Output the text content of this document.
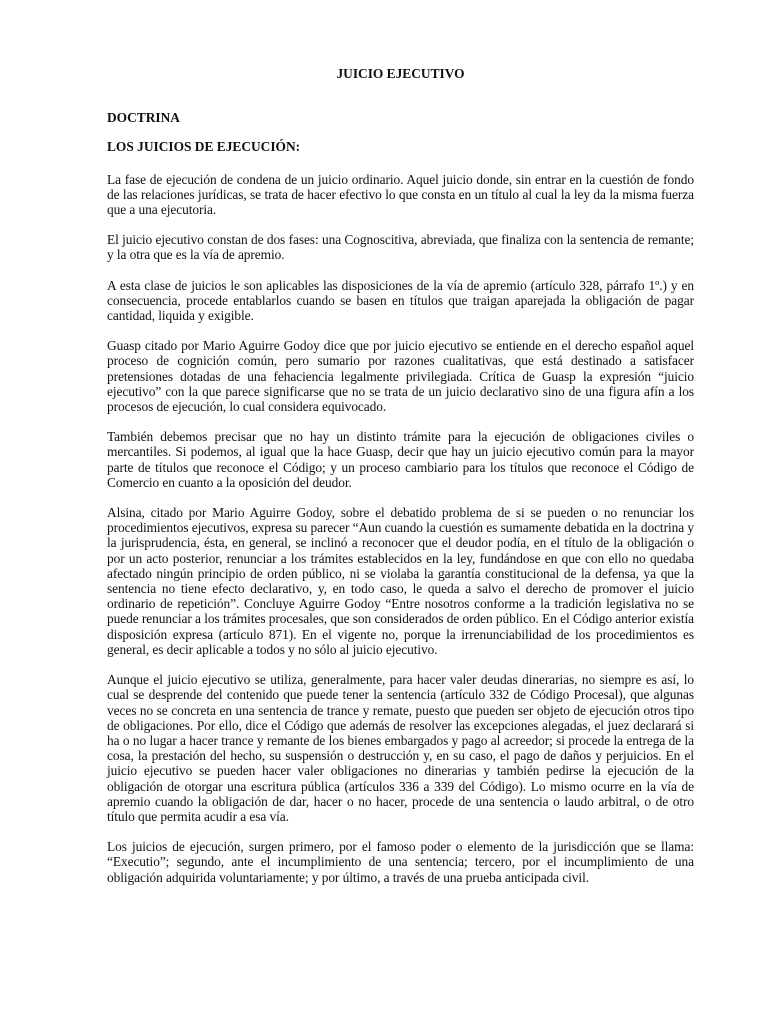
JUICIO EJECUTIVO
DOCTRINA
LOS JUICIOS DE EJECUCIÓN:

La fase de ejecución de condena de un juicio ordinario. Aquel juicio donde, sin entrar en la cuestión de fondo de las relaciones jurídicas, se trata de hacer efectivo lo que consta en un título al cual la ley da la misma fuerza que a una ejecutoria.

El juicio ejecutivo constan de dos fases: una Cognoscitiva, abreviada, que finaliza con la sentencia de remante; y la otra que es la vía de apremio.

A esta clase de juicios le son aplicables las disposiciones de la vía de apremio (artículo 328, párrafo 1º.) y en consecuencia, procede entablarlos cuando se basen en títulos que traigan aparejada la obligación de pagar cantidad, liquida y exigible.

Guasp citado por Mario Aguirre Godoy dice que por juicio ejecutivo se entiende en el derecho español aquel proceso de cognición común, pero sumario por razones cualitativas, que está destinado a satisfacer pretensiones dotadas de una fehaciencia legalmente privilegiada. Crítica de Guasp la expresión “juicio ejecutivo” con la que parece significarse que no se trata de un juicio declarativo sino de una figura afín a los procesos de ejecución, lo cual considera equivocado.

También debemos precisar que no hay un distinto trámite para la ejecución de obligaciones civiles o mercantiles. Si podemos, al igual que la hace Guasp, decir que hay un juicio ejecutivo común para la mayor parte de títulos que reconoce el Código; y un proceso cambiario para los títulos que reconoce el Código de Comercio en cuanto a la oposición del deudor.

Alsina, citado por Mario Aguirre Godoy, sobre el debatido problema de si se pueden o no renunciar los procedimientos ejecutivos, expresa su parecer “Aun cuando la cuestión es sumamente debatida en la doctrina y la jurisprudencia, ésta, en general, se inclinó a reconocer que el deudor podía, en el título de la obligación o por un acto posterior, renunciar a los trámites establecidos en la ley, fundándose en que con ello no quedaba afectado ningún principio de orden público, ni se violaba la garantía constitucional de la defensa, ya que la sentencia no tiene efecto declarativo, y, en todo caso, le queda a salvo el derecho de promover el juicio ordinario de repetición”. Concluye Aguirre Godoy “Entre nosotros conforme a la tradición legislativa no se puede renunciar a los trámites procesales, que son considerados de orden público. En el Código anterior existía disposición expresa (artículo 871). En el vigente no, porque la irrenunciabilidad de los procedimientos es general, es decir aplicable a todos y no sólo al juicio ejecutivo.

Aunque el juicio ejecutivo se utiliza, generalmente, para hacer valer deudas dinerarias, no siempre es así, lo cual se desprende del contenido que puede tener la sentencia (artículo 332 de Código Procesal), que algunas veces no se concreta en una sentencia de trance y remate, puesto que pueden ser objeto de ejecución otros tipo de obligaciones. Por ello, dice el Código que además de resolver las excepciones alegadas, el juez declarará si ha o no lugar a hacer trance y remante de los bienes embargados y pago al acreedor; si procede la entrega de la cosa, la prestación del hecho, su suspensión o destrucción y, en su caso, el pago de daños y perjuicios. En el juicio ejecutivo se pueden hacer valer obligaciones no dinerarias y también pedirse la ejecución de la obligación de otorgar una escritura pública (artículos 336 a 339 del Código). Lo mismo ocurre en la vía de apremio cuando la obligación de dar, hacer o no hacer, procede de una sentencia o laudo arbitral, o de otro título que permita acudir a esa vía.

Los juicios de ejecución, surgen primero, por el famoso poder o elemento de la jurisdicción que se llama: “Executio”; segundo, ante el incumplimiento de una sentencia; tercero, por el incumplimiento de una obligación adquirida voluntariamente; y por último, a través de una prueba anticipada civil.
